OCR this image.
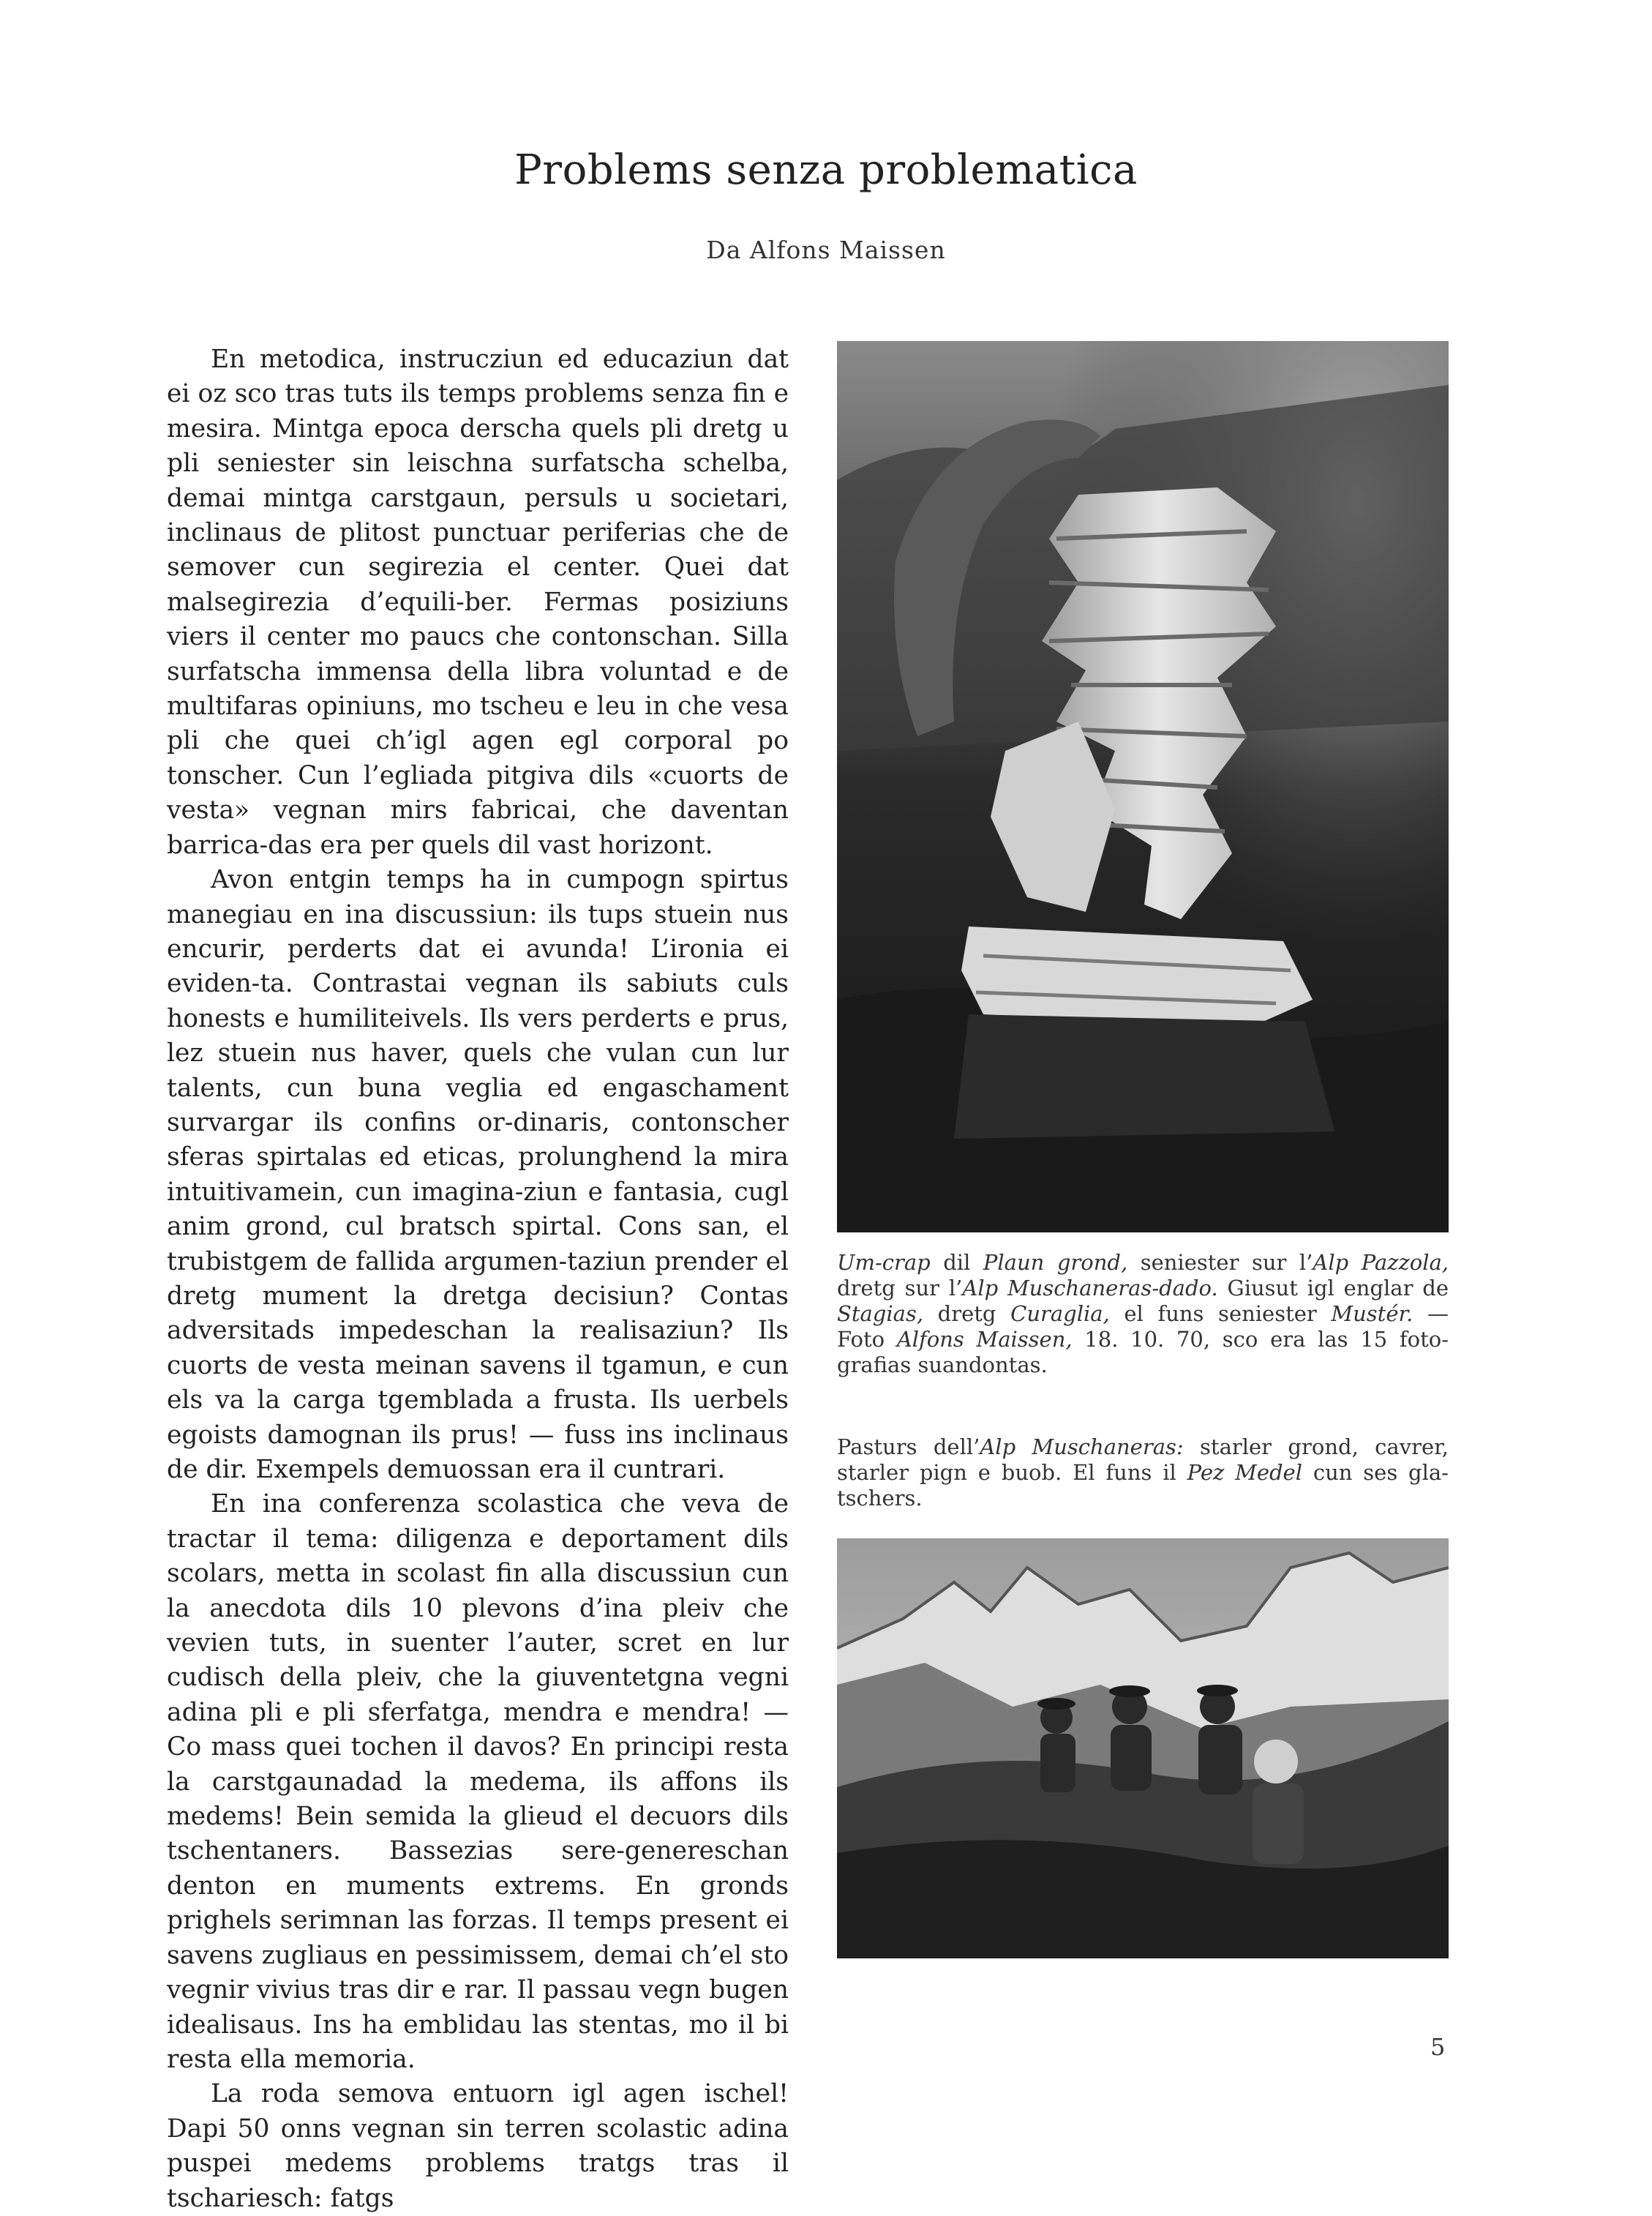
Problems senza problematica
Da Alfons Maissen

En metodica, instrucziun ed educaziun dat ei oz sco tras tuts ils temps problems senza fin e mesira. Mintga epoca derscha quels pli dretg u pli seniester sin leischna surfatscha schelba, demai mintga carstgaun, persuls u societari, inclinaus de plitost punctuar periferias che de semover cun segirezia el center. Quei dat malsegirezia d’equili-ber. Fermas posiziuns viers il center mo paucs che contonschan. Silla surfatscha immensa della libra voluntad e de multifaras opiniuns, mo tscheu e leu in che vesa pli che quei ch’igl agen egl corporal po tonscher. Cun l’egliada pitgiva dils «cuorts de vesta» vegnan mirs fabricai, che daventan barrica-das era per quels dil vast horizont.

Avon entgin temps ha in cumpogn spirtus manegiau en ina discussiun: ils tups stuein nus encurir, perderts dat ei avunda! L’ironia ei eviden-ta. Contrastai vegnan ils sabiuts culs honests e humiliteivels. Ils vers perderts e prus, lez stuein nus haver, quels che vulan cun lur talents, cun buna veglia ed engaschament survargar ils confins or-dinaris, contonscher sferas spirtalas ed eticas, prolunghend la mira intuitivamein, cun imagina-ziun e fantasia, cugl anim grond, cul bratsch spirtal. Cons san, el trubistgem de fallida argumen-taziun prender el dretg mument la dretga decisiun? Contas adversitads impedeschan la realisaziun? Ils cuorts de vesta meinan savens il tgamun, e cun els va la carga tgemblada a frusta. Ils uerbels egoists damognan ils prus! — fuss ins inclinaus de dir. Exempels demuossan era il cuntrari.

En ina conferenza scolastica che veva de tractar il tema: diligenza e deportament dils scolars, metta in scolast fin alla discussiun cun la anecdota dils 10 plevons d’ina pleiv che vevien tuts, in suenter l’auter, scret en lur cudisch della pleiv, che la giuventetgna vegni adina pli e pli sferfatga, mendra e mendra! — Co mass quei tochen il davos? En principi resta la carstgaunadad la medema, ils affons ils medems! Bein semida la glieud el decuors dils tschentaners. Bassezias sere-genereschan denton en muments extrems. En gronds prighels serimnan las forzas. Il temps present ei savens zugliaus en pessimissem, demai ch’el sto vegnir vivius tras dir e rar. Il passau vegn bugen idealisaus. Ins ha emblidau las stentas, mo il bi resta ella memoria.

La roda semova entuorn igl agen ischel! Dapi 50 onns vegnan sin terren scolastic adina puspei medems problems tratgs tras il tschariesch: fatgs

Um-crap dil Plaun grond, seniester sur l’Alp Pazzola, dretg sur l’Alp Muschaneras-dado. Giusut igl englar de Stagias, dretg Curaglia, el funs seniester Mustér. — Foto Alfons Maissen, 18. 10. 70, sco era las 15 foto-grafias suandontas.
Pasturs dell’Alp Muschaneras: starler grond, cavrer, starler pign e buob. El funs il Pez Medel cun ses gla-tschers.
5
